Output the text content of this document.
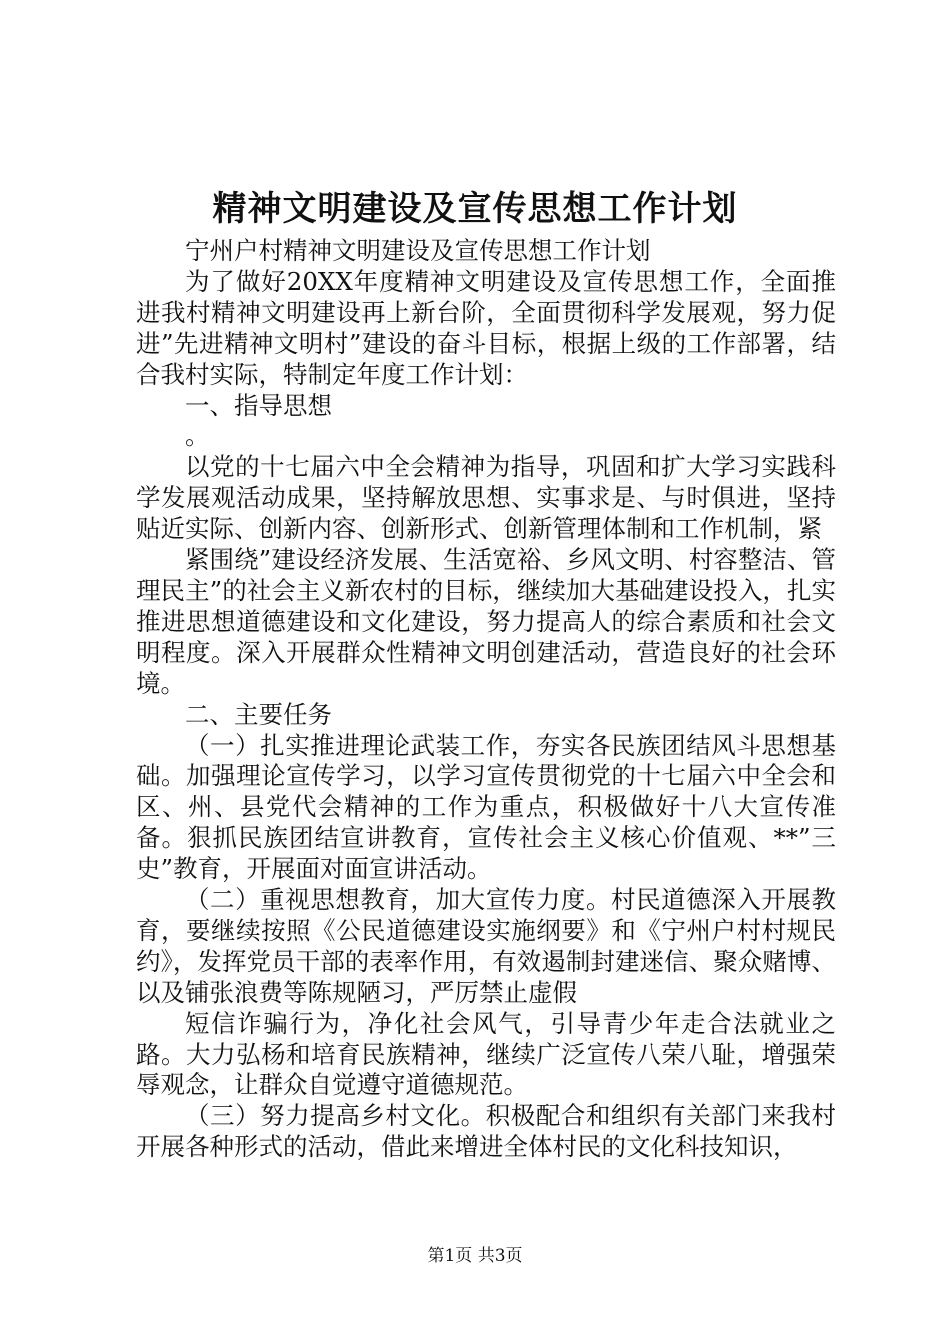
精神文明建设及宣传思想工作计划

宁州户村精神文明建设及宣传思想工作计划

为了做好20XX年度精神文明建设及宣传思想工作，全面推进我村精神文明建设再上新台阶，全面贯彻科学发展观，努力促进”先进精神文明村”建设的奋斗目标，根据上级的工作部署，结合我村实际，特制定年度工作计划：

一、指导思想

。

以党的十七届六中全会精神为指导，巩固和扩大学习实践科学发展观活动成果，坚持解放思想、实事求是、与时俱进，坚持贴近实际、创新内容、创新形式、创新管理体制和工作机制，紧

紧围绕”建设经济发展、生活宽裕、乡风文明、村容整洁、管理民主”的社会主义新农村的目标，继续加大基础建设投入，扎实推进思想道德建设和文化建设，努力提高人的综合素质和社会文明程度。深入开展群众性精神文明创建活动，营造良好的社会环境。

二、主要任务

（一）扎实推进理论武装工作，夯实各民族团结风斗思想基础。加强理论宣传学习，以学习宣传贯彻党的十七届六中全会和区、州、县党代会精神的工作为重点，积极做好十八大宣传准备。狠抓民族团结宣讲教育，宣传社会主义核心价值观、**”三史”教育，开展面对面宣讲活动。

（二）重视思想教育，加大宣传力度。村民道德深入开展教育，要继续按照《公民道德建设实施纲要》和《宁州户村村规民约》，发挥党员干部的表率作用，有效遏制封建迷信、聚众赌博、以及铺张浪费等陈规陋习，严厉禁止虚假

短信诈骗行为，净化社会风气，引导青少年走合法就业之路。大力弘杨和培育民族精神，继续广泛宣传八荣八耻，增强荣辱观念，让群众自觉遵守道德规范。

（三）努力提高乡村文化。积极配合和组织有关部门来我村开展各种形式的活动，借此来增进全体村民的文化科技知识，

第1页 共3页
